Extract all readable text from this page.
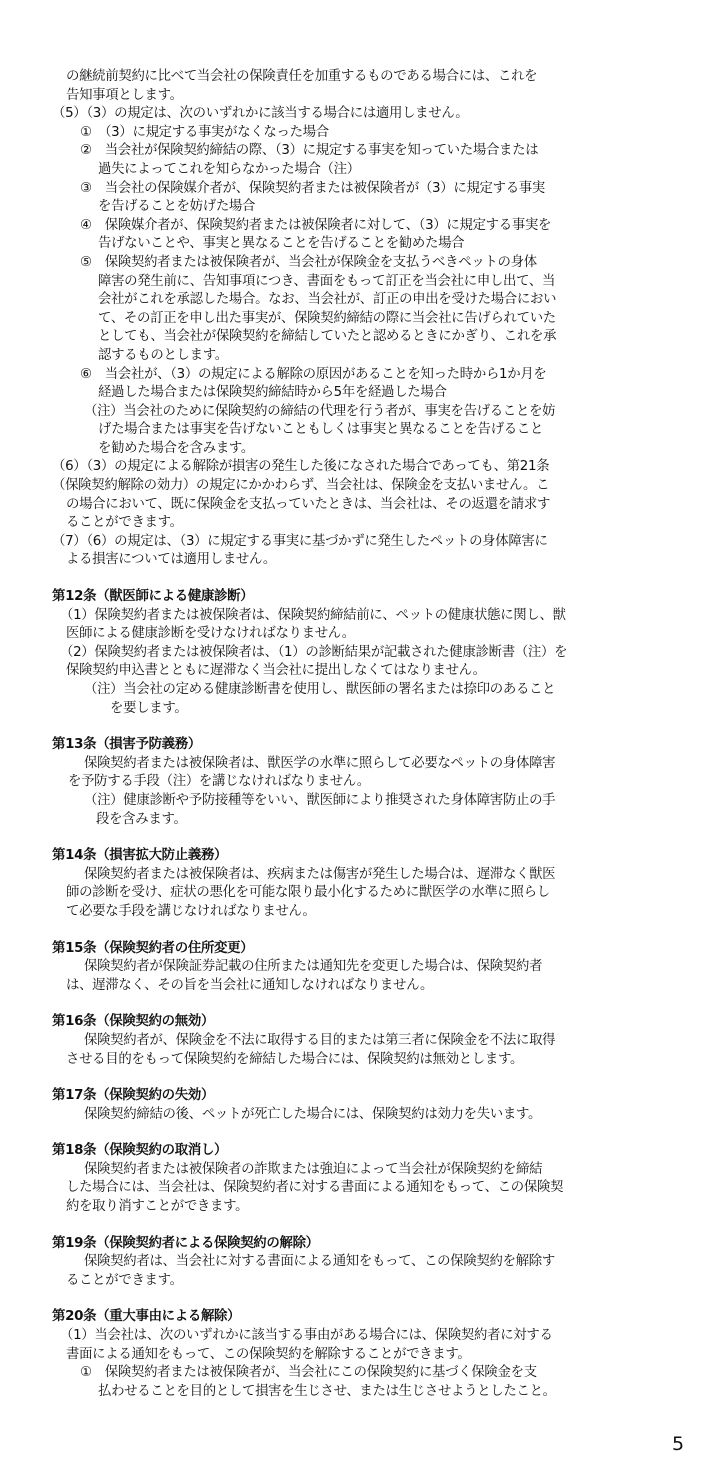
の継続前契約に比べて当会社の保険責任を加重するものである場合には、これを
告知事項とします。
（5）（3）の規定は、次のいずれかに該当する場合には適用しません。
①　（3）に規定する事実がなくなった場合
②　当会社が保険契約締結の際、（3）に規定する事実を知っていた場合または
過失によってこれを知らなかった場合（注）
③　当会社の保険媒介者が、保険契約者または被保険者が（3）に規定する事実
を告げることを妨げた場合
④　保険媒介者が、保険契約者または被保険者に対して、（3）に規定する事実を
告げないことや、事実と異なることを告げることを勧めた場合
⑤　保険契約者または被保険者が、当会社が保険金を支払うべきペットの身体
障害の発生前に、告知事項につき、書面をもって訂正を当会社に申し出て、当
会社がこれを承認した場合。なお、当会社が、訂正の申出を受けた場合におい
て、その訂正を申し出た事実が、保険契約締結の際に当会社に告げられていた
としても、当会社が保険契約を締結していたと認めるときにかぎり、これを承
認するものとします。
⑥　当会社が、（3）の規定による解除の原因があることを知った時から1か月を
経過した場合または保険契約締結時から5年を経過した場合
（注）当会社のために保険契約の締結の代理を行う者が、事実を告げることを妨
げた場合または事実を告げないこともしくは事実と異なることを告げること
を勧めた場合を含みます。
（6）（3）の規定による解除が損害の発生した後になされた場合であっても、第21条
（保険契約解除の効力）の規定にかかわらず、当会社は、保険金を支払いません。こ
の場合において、既に保険金を支払っていたときは、当会社は、その返還を請求す
ることができます。
（7）（6）の規定は、（3）に規定する事実に基づかずに発生したペットの身体障害に
よる損害については適用しません。
第12条（獣医師による健康診断）
（1）保険契約者または被保険者は、保険契約締結前に、ペットの健康状態に関し、獣
医師による健康診断を受けなければなりません。
（2）保険契約者または被保険者は、（1）の診断結果が記載された健康診断書（注）を
保険契約申込書とともに遅滞なく当会社に提出しなくてはなりません。
（注）当会社の定める健康診断書を使用し、獣医師の署名または捺印のあること
を要します。
第13条（損害予防義務）
保険契約者または被保険者は、獣医学の水準に照らして必要なペットの身体障害
を予防する手段（注）を講じなければなりません。
（注）健康診断や予防接種等をいい、獣医師により推奨された身体障害防止の手
段を含みます。
第14条（損害拡大防止義務）
保険契約者または被保険者は、疾病または傷害が発生した場合は、遅滞なく獣医
師の診断を受け、症状の悪化を可能な限り最小化するために獣医学の水準に照らし
て必要な手段を講じなければなりません。
第15条（保険契約者の住所変更）
保険契約者が保険証券記載の住所または通知先を変更した場合は、保険契約者
は、遅滞なく、その旨を当会社に通知しなければなりません。
第16条（保険契約の無効）
保険契約者が、保険金を不法に取得する目的または第三者に保険金を不法に取得
させる目的をもって保険契約を締結した場合には、保険契約は無効とします。
第17条（保険契約の失効）
保険契約締結の後、ペットが死亡した場合には、保険契約は効力を失います。
第18条（保険契約の取消し）
保険契約者または被保険者の詐欺または強迫によって当会社が保険契約を締結
した場合には、当会社は、保険契約者に対する書面による通知をもって、この保険契
約を取り消すことができます。
第19条（保険契約者による保険契約の解除）
保険契約者は、当会社に対する書面による通知をもって、この保険契約を解除す
ることができます。
第20条（重大事由による解除）
（1）当会社は、次のいずれかに該当する事由がある場合には、保険契約者に対する
書面による通知をもって、この保険契約を解除することができます。
①　保険契約者または被保険者が、当会社にこの保険契約に基づく保険金を支
払わせることを目的として損害を生じさせ、または生じさせようとしたこと。
5
